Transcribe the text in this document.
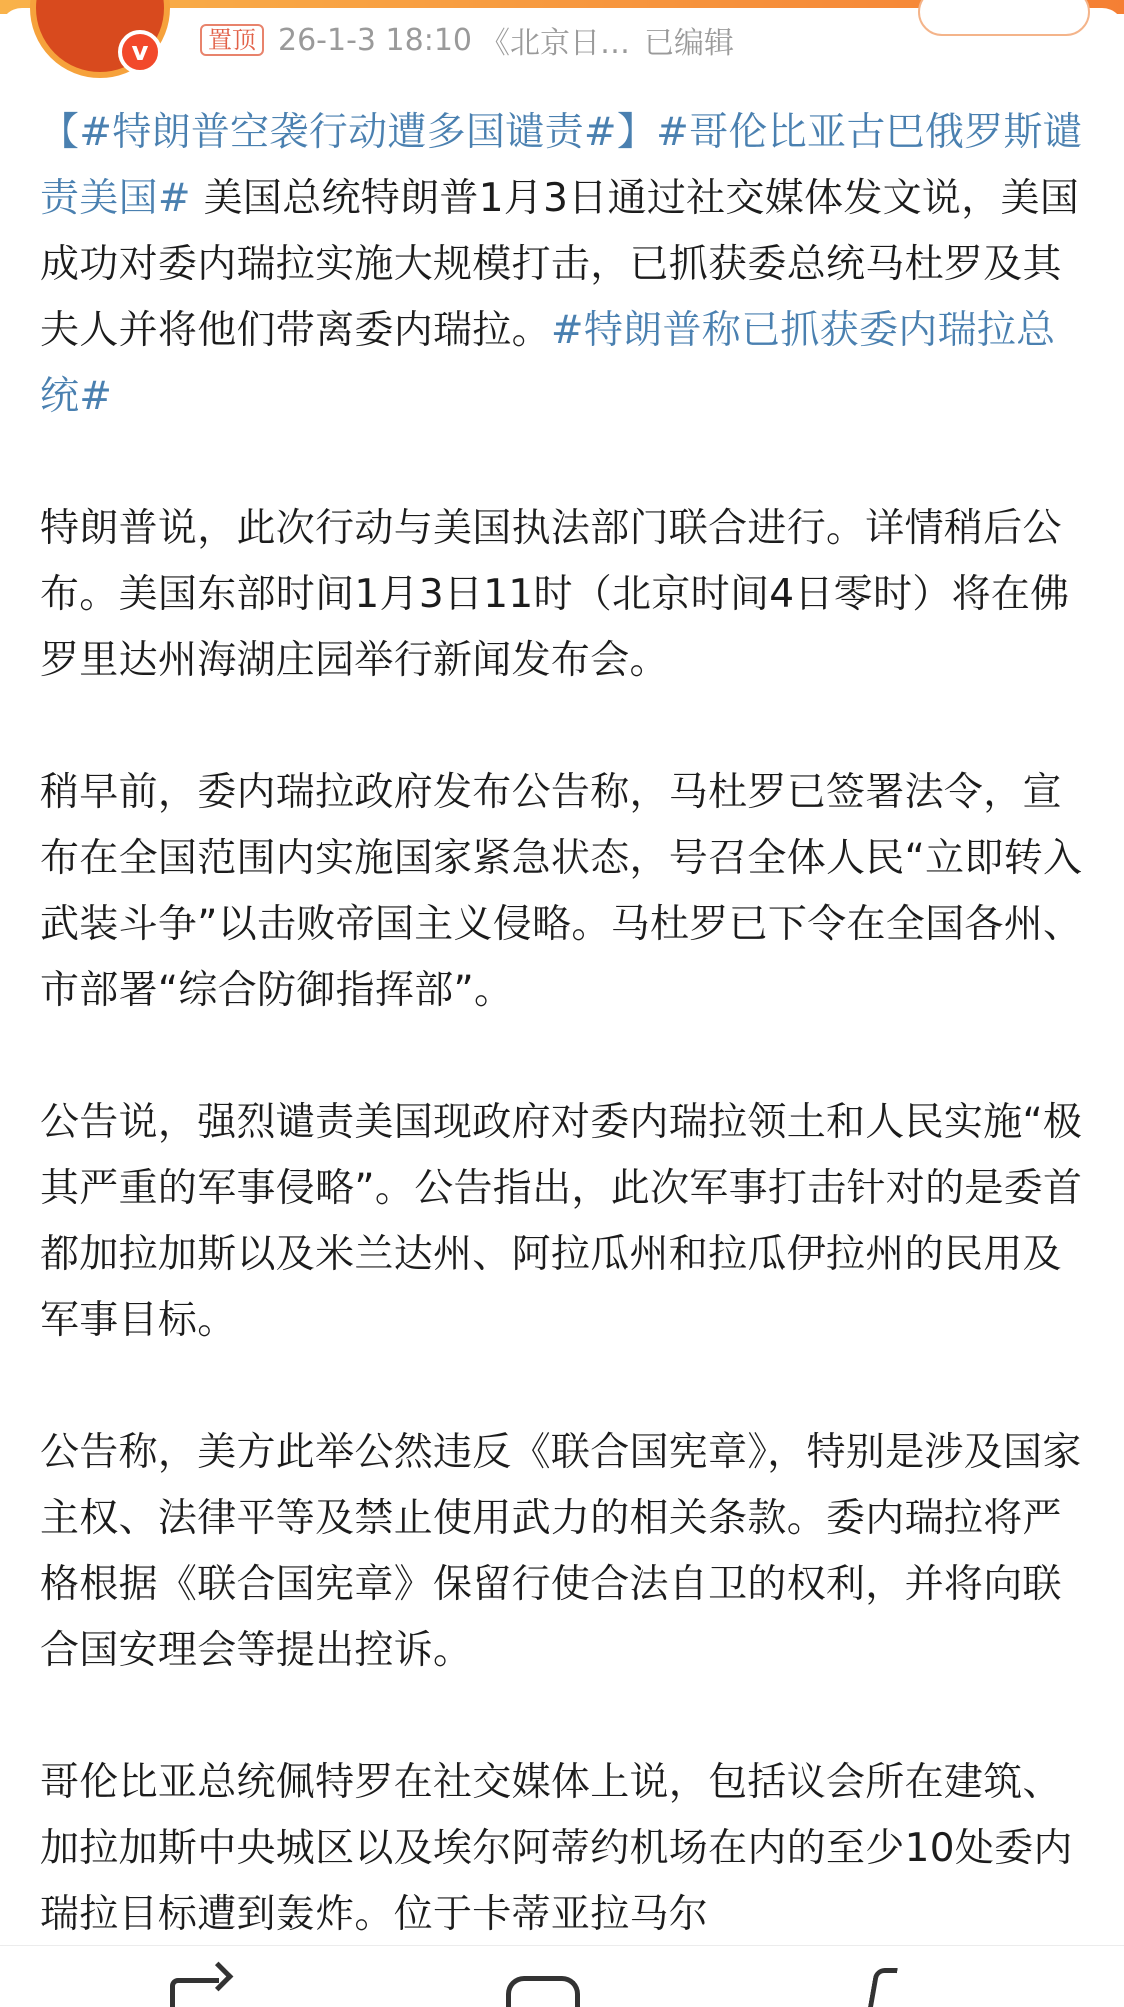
v	置顶 26-1-3 18:10 《北京日… 已编辑

【#特朗普空袭行动遭多国谴责#】#哥伦比亚古巴俄罗斯谴责美国# 美国总统特朗普1月3日通过社交媒体发文说，美国成功对委内瑞拉实施大规模打击，已抓获委总统马杜罗及其夫人并将他们带离委内瑞拉。#特朗普称已抓获委内瑞拉总统#

特朗普说，此次行动与美国执法部门联合进行。详情稍后公布。美国东部时间1月3日11时（北京时间4日零时）将在佛罗里达州海湖庄园举行新闻发布会。

稍早前，委内瑞拉政府发布公告称，马杜罗已签署法令，宣布在全国范围内实施国家紧急状态，号召全体人民“立即转入武装斗争”以击败帝国主义侵略。马杜罗已下令在全国各州、市部署“综合防御指挥部”。

公告说，强烈谴责美国现政府对委内瑞拉领土和人民实施“极其严重的军事侵略”。公告指出，此次军事打击针对的是委首都加拉加斯以及米兰达州、阿拉瓜州和拉瓜伊拉州的民用及军事目标。

公告称，美方此举公然违反《联合国宪章》，特别是涉及国家主权、法律平等及禁止使用武力的相关条款。委内瑞拉将严格根据《联合国宪章》保留行使合法自卫的权利，并将向联合国安理会等提出控诉。

哥伦比亚总统佩特罗在社交媒体上说，包括议会所在建筑、加拉加斯中央城区以及埃尔阿蒂约机场在内的至少10处委内瑞拉目标遭到轰炸。位于卡蒂亚拉马尔
